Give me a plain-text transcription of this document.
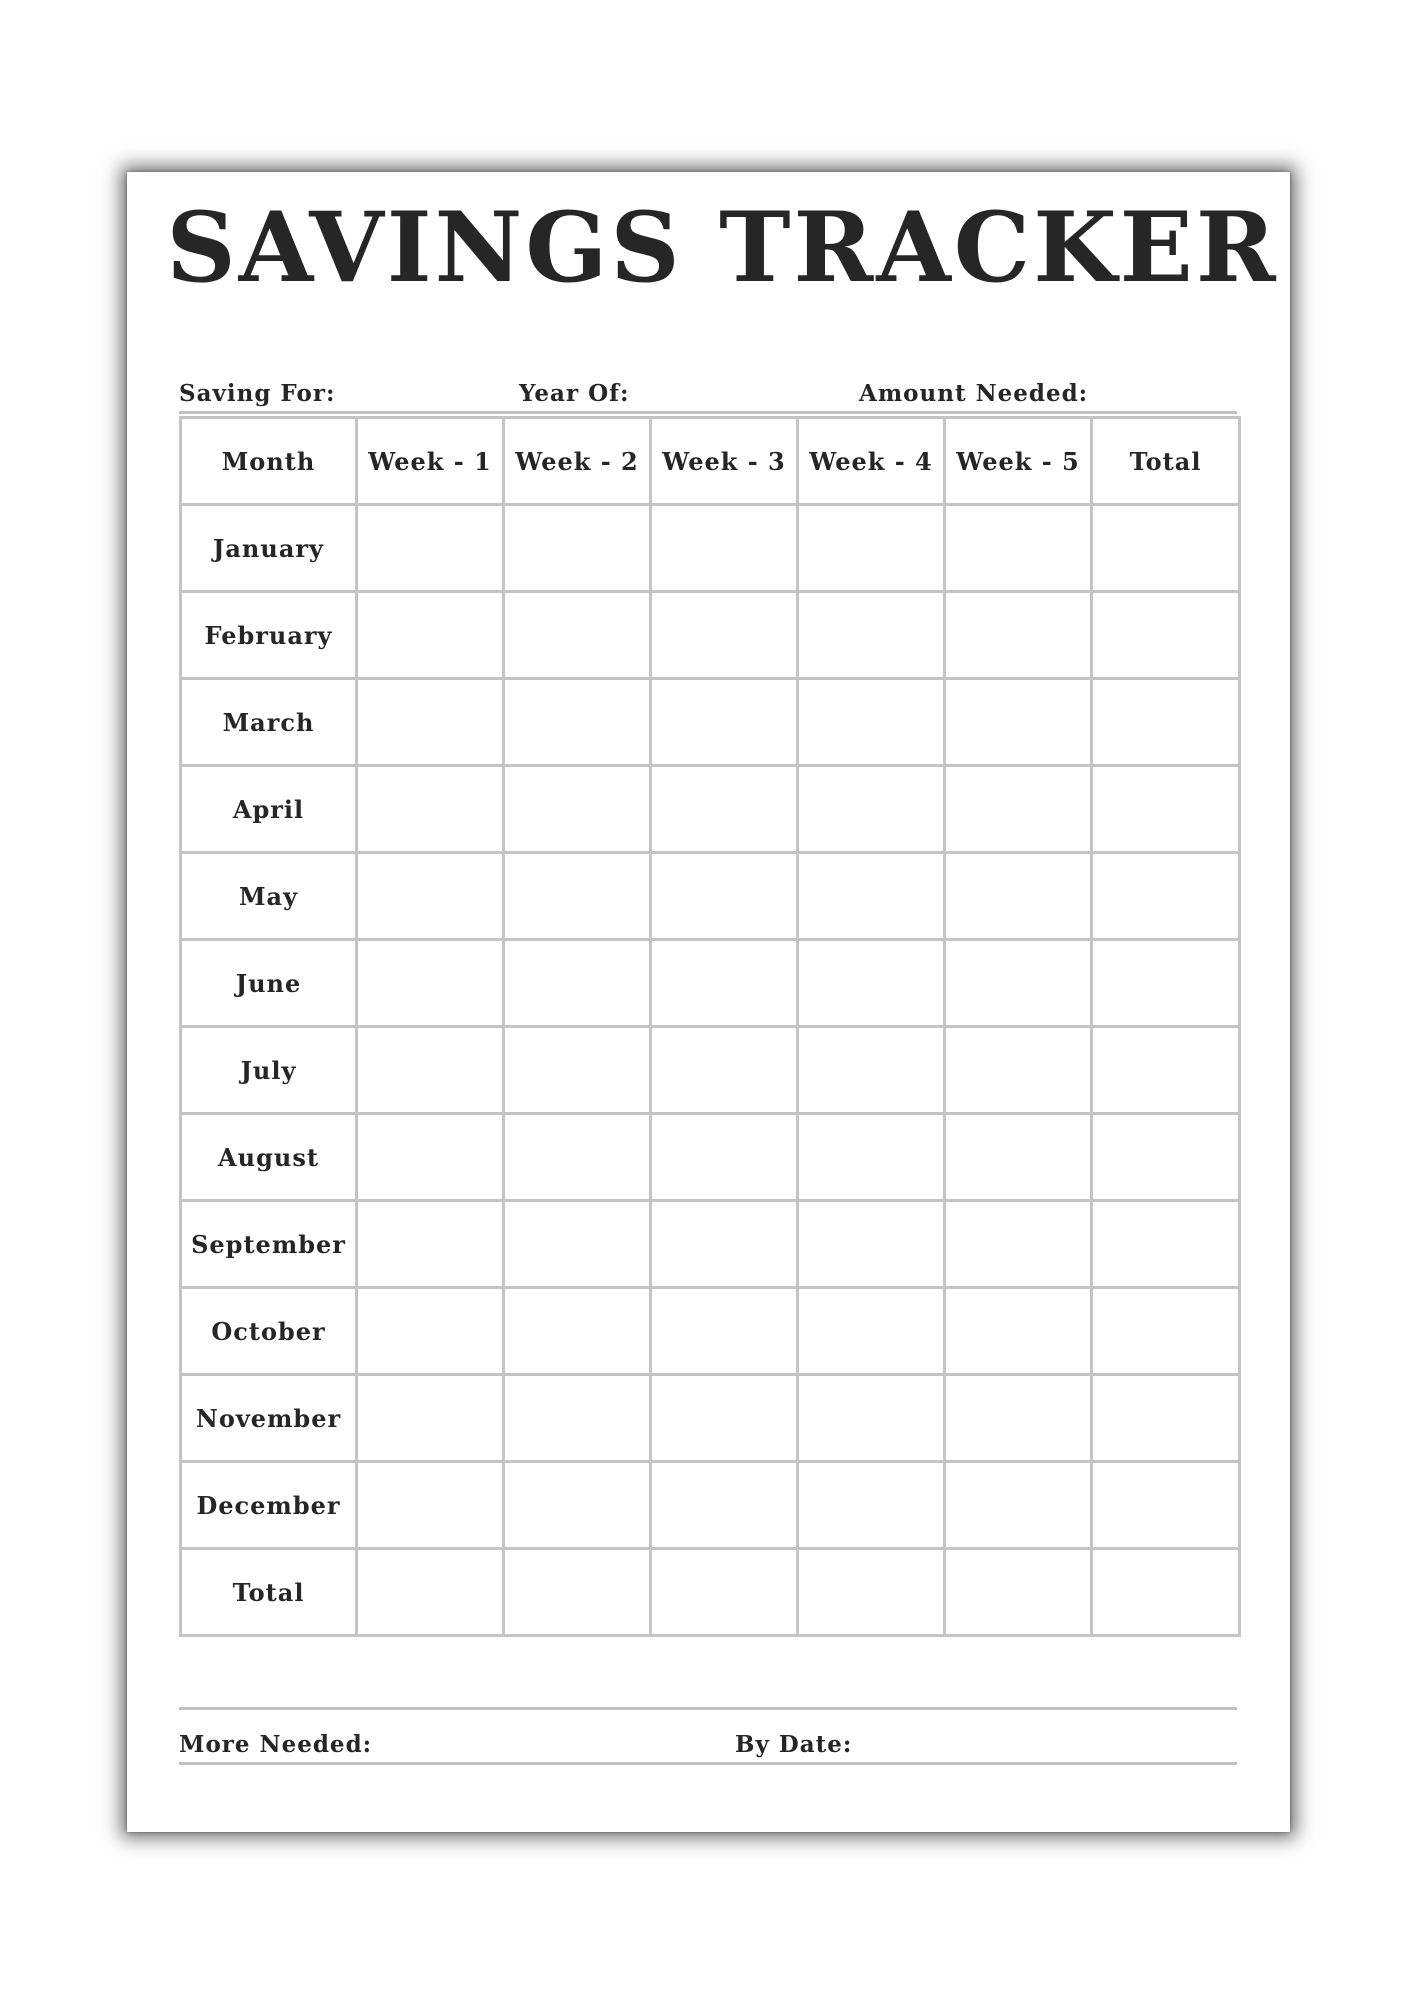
SAVINGS TRACKER
Saving For:	Year Of:	Amount Needed:
Month	Week - 1	Week - 2	Week - 3	Week - 4	Week - 5	Total
January						
February						
March						
April						
May						
June						
July						
August						
September						
October						
November						
December						
Total						
More Needed:	By Date:
